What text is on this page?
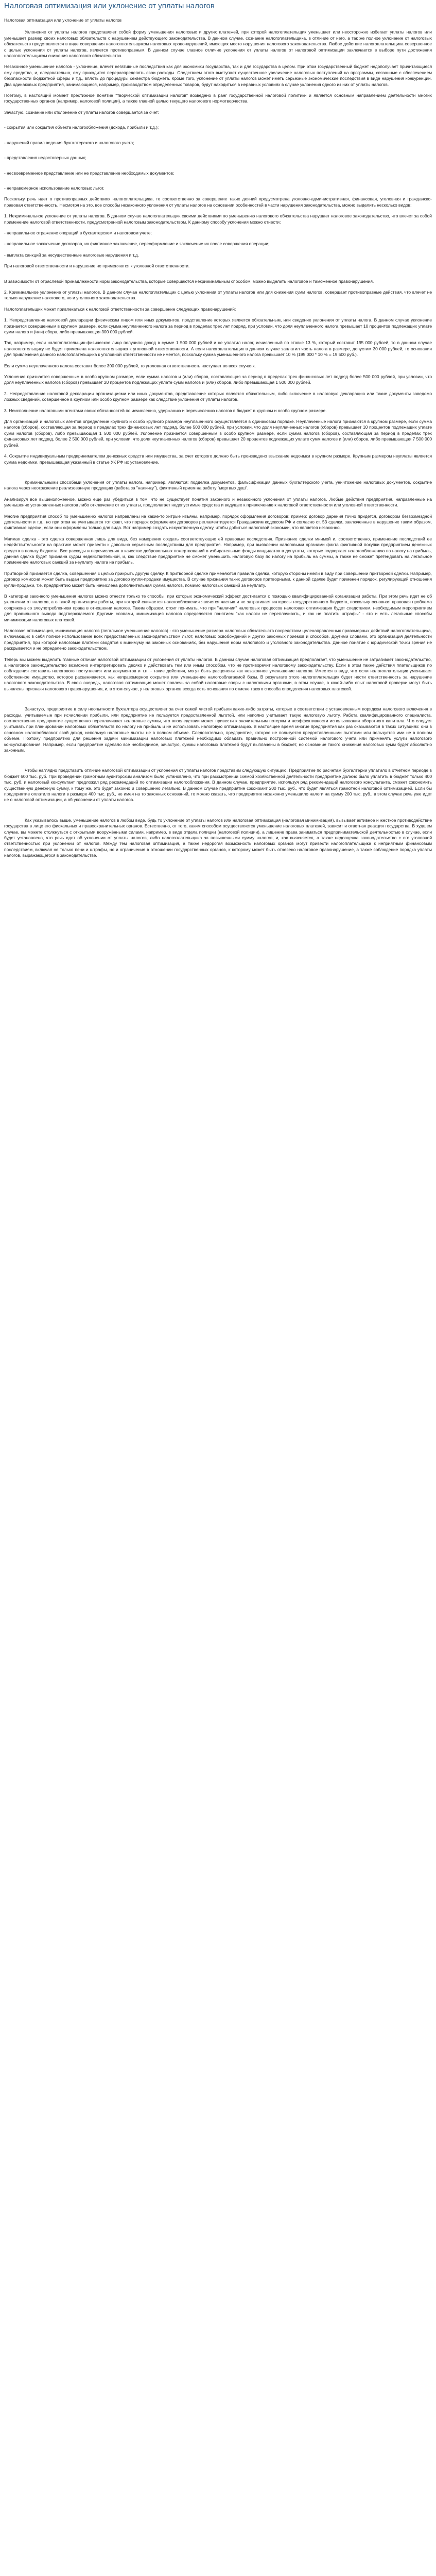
Налоговая оптимизация или уклонение от уплаты налогов

Налоговая оптимизация или уклонение от уплаты налогов

Уклонение от уплаты налогов представляет собой форму уменьшения налоговых и других платежей, при которой налогоплательщик уменьшает или неосторожно избегает уплаты налогов или уменьшает размер своих налоговых обязательств с нарушением действующего законодательства. В данном случае, сознание налогоплательщика, в отличие от него, а так же полное уклонение от налоговых обязательств представляется в виде совершения налогоплательщиком налоговых правонарушений, имеющих место нарушения налогового законодательства. Любое действие налогоплательщика совершенное с целью уклонения от уплаты налогов, является противоправным. В данном случае главное отличие уклонения от уплаты налогов от налоговой оптимизации заключается в выборе пути достижения налогоплательщиком снижения налогового обязательства.

Незаконное уменьшение налогов - уклонение, влечет негативные последствия как для экономики государства, так и для государства в целом. При этом государственный бюджет недополучает причитающиеся ему средства, и, следовательно, ему приходится перераспределять свои расходы. Следствием этого выступает существенное увеличение налоговых поступлений на программы, связанные с обеспечением безопасности бюджетной сферы и т.д., вплоть до процедуры секвестра бюджета. Кроме того, уклонение от уплаты налогов может иметь серьезные экономические последствия в виде нарушения конкуренции. Два одинаковых предприятия, занимающиеся, например, производством определенных товаров, будут находиться в неравных условиях в случае уклонения одного из них от уплаты налогов.

Поэтому, в настоящий момент престижное понятие "творческой оптимизации налогов" возведено в ранг государственной налоговой политики и является основным направлением деятельности многих государственных органов (например, налоговой полиции), а также главной целью текущего налогового нормотворчества.

Зачастую, сознание или отклонение от уплаты налогов совершается за счет:

- сокрытия или сокрытия объекта налогообложения (дохода, прибыли и т.д.);

- нарушений правил ведения бухгалтерского и налогового учета;

- представления недостоверных данных;

- несвоевременное представление или не представление необходимых документов;

- неправомерное использование налоговых льгот.

Поскольку речь идет о противоправных действиях налогоплательщика, то соответственно за совершение таких деяний предусмотрена уголовно-административная, финансовая, уголовная и гражданско-правовая ответственность. Несмотря на это, все способы незаконного уклонения от уплаты налогов на основании особенностей в части нарушения законодательства, можно выделить несколько видов:

1. Некриминальное уклонение от уплаты налогов. В данном случае налогоплательщик своими действиями по уменьшению налогового обязательства нарушает налоговое законодательство, что влечет за собой применение налоговой ответственности, предусмотренной налоговым законодательством. К данному способу уклонения можно отнести:

- неправильное отражение операций в бухгалтерском и налоговом учете;

- неправильное заключение договоров, их фиктивное заключение, переоформление и заключение их после совершения операции;

- выплата санкций за несущественные налоговые нарушения и т.д.

При налоговой ответственности и нарушение не применяются к уголовной ответственности.

В зависимости от отраслевой принадлежности норм законодательства, которые совершаются некриминальным способом, можно выделить налоговое и таможенное правонарушения.

2. Криминальное уклонение от уплаты налогов. В данном случае налогоплательщик с целью уклонения от уплаты налогов или для снижения сумм налогов, совершает противоправные действия, что влечет не только нарушение налогового, но и уголовного законодательства.

Налогоплательщик может привлекаться к налоговой ответственности за совершение следующих правонарушений:

1. Непредставление налоговой декларации физическим лицом или иных документов, представление которых является обязательным, или сведение уклонения от уплаты налога. В данном случае уклонение признается совершенным в крупном размере, если сумма неуплаченного налога за период в пределах трех лет подряд, при условии, что доля неуплаченного налога превышает 10 процентов подлежащих уплате сумм налога и (или) сбора, либо превышающая 300 000 рублей.

Так, например, если налогоплательщик-физическое лицо получило доход в сумме 1 500 000 рублей и не уплатил налог, исчисленный по ставке 13 %, который составит 195 000 рублей, то в данном случае налогоплательщику не будет применена налогоплательщика к уголовной ответственности. А если налогоплательщик в данном случае заплатил часть налога в размере, допустим 30 000 рублей, то основания для привлечения данного налогоплательщика к уголовной ответственности не имеется, поскольку сумма уменьшенного налога превышает 10 % (195 000 * 10 % = 19 500 руб.).

Если сумма неуплаченного налога составит более 300 000 рублей, то уголовная ответственность наступает во всех случаях.

Уклонение признается совершенным в особо крупном размере, если сумма налогов и (или) сборов, составляющая за период в пределах трех финансовых лет подряд более 500 000 рублей, при условии, что доля неуплаченных налогов (сборов) превышает 20 процентов подлежащих уплате сумм налогов и (или) сборов, либо превышающая 1 500 000 рублей.

2. Непредставление налоговой декларации организациями или иных документов, представление которых является обязательным, либо включение в налоговую декларацию или такие документы заведомо ложных сведений, совершенное в крупном или особо крупном размере как следствие уклонения от уплаты налогов.

3. Неисполнение налоговыми агентами своих обязанностей по исчислению, удержанию и перечислению налогов в бюджет в крупном и особо крупном размере.

Для организаций и налоговых агентов определение крупного и особо крупного размера неуплаченного осуществляется в одинаковом порядке. Неуплаченные налоги признаются в крупном размере, если сумма налогов (сборов), составляющая за период в пределах трех финансовых лет подряд, более 500 000 рублей, при условии, что доля неуплаченных налогов (сборов) превышает 10 процентов подлежащих уплате сумм налогов (сборов), либо превышающая 1 500 000 рублей. Уклонение признается совершенным в особо крупном размере, если сумма налогов (сборов), составляющая за период в пределах трех финансовых лет подряд, более 2 500 000 рублей, при условии, что доля неуплаченных налогов (сборов) превышает 20 процентов подлежащих уплате сумм налогов и (или) сборов, либо превышающая 7 500 000 рублей.

4. Сокрытие индивидуальным предпринимателем денежных средств или имущества, за счет которого должно быть произведено взыскание недоимки в крупном размере. Крупным размером неуплаты является сумма недоимки, превышающая указанный в статье УК РФ их установление.

Криминальными способами уклонения от уплаты налога, например, являются: подделка документов, фальсификация данных бухгалтерского учета, уничтожение налоговых документов, сокрытие налога через неотражение реализованную продукцию (работа за "наличку"), фиктивный прием на работу "мертвых душ".

Анализируя все вышеизложенное, можно еще раз убедиться в том, что не существует понятия законного и незаконного уклонения от уплаты налогов. Любые действия предприятия, направленные на уменьшение установленных налогов либо отключение от их уплаты, предполагает недопустимые средства и ведущее к привлечению к налоговой ответственности или уголовной ответственности.

Многие предприятия способ по уменьшению налогов направлены на какие-то хитрые изъяны, например, порядок оформления договоров: пример: договор дарения точно придется, договором безвозмездной деятельности и т.д., но при этом не учитывается тот факт, что порядок оформления договоров регламентируется Гражданским кодексом РФ и согласно ст. 53 сделки, заключенные в нарушение таким образом, фиктивные сделки, если они оформлены только для вида. Вот например создать искусственную сделку, чтобы добиться налоговой экономии, что является незаконно.

Мнимая сделка - это сделка совершенная лишь для вида, без намерения создать соответствующие ей правовые последствия. Признание сделки мнимой и, соответственно, применение последствий ее недействительности на практике может привести к довольно серьезным последствиям для предприятия. Например, при выявлении налоговыми органами факта фиктивной покупки предприятием денежных средств в пользу бюджета. Все расходы и перечисления в качестве добровольных пожертвований в избирательные фонды кандидатов в депутаты, которые подвергает налогообложению по налогу на прибыль, данная сделка будет признана судом недействительной, и, как следствие предприятие не сможет уменьшить налоговую базу по налогу на прибыль на суммы, а также не сможет претендовать на легальное применение налоговых санкций за неуплату налога на прибыль.

Притворной признается сделка, совершенная с целью прикрыть другую сделку. К притворной сделке применяются правила сделки, которую стороны имели в виду при совершении притворной сделки. Например, договор комиссии может быть выдан предприятию за договор купли-продажи имущества. В случае признания таких договоров притворными, к данной сделке будет применен порядок, регулирующий отношения купли-продажи, т.е. предприятию может быть начислена дополнительная сумма налогов, помимо налоговых санкций за неуплату.

В категории законного уменьшения налогов можно отнести только те способы, при которых экономический эффект достигается с помощью квалифицированной организации работы. При этом речь идет не об уклонении от налогов, а о такой организации работы, при которой снижается налогообложения является частью и не затрагивает интересы государственного бюджета, поскольку основная правовая проблема сопряжена со злоупотреблением права в отношении налогов. Таким образом, стоит понимать, что при "наличии" налоговых процессов налоговая оптимизация будет следствием, необходимым мероприятием для правильного вывода подтверждаемого Другими словами, минимизация налогов определяется понятием "как налоги не переплачивать, и как не платить штрафы" - это и есть легальные способы минимизации налоговых платежей.

Налоговая оптимизация, минимизация налогов (легальное уменьшение налогов) - это уменьшение размера налоговых обязательств посредством целенаправленных правомерных действий налогоплательщика, включающих в себя полное использование всех предоставленных законодательством льгот, налоговых освобождений и других законных приемов и способов. Другими словами, это организация деятельности предприятия, при которой налоговые платежи сводятся к минимуму на законных основаниях, без нарушения норм налогового и уголовного законодательства. Данное понятие с юридической точки зрения не раскрывается и не определено законодательством.

Теперь мы можем выделить главные отличия налоговой оптимизации от уклонения от уплаты налогов. В данном случае налоговая оптимизация предполагает, что уменьшение не затрагивает законодательство, а налоговое законодательство возможно интерпретировать двояко и действовать тем или иным способом, что не противоречит налоговому законодательству. Если в этом также действия плательщиков по соблюдения составить налогового поступления или документов и т.п. - такие действия, могут быть расценены как незаконное уменьшение налогов. Имеется в виду, что если налогоплательщик уменьшает собственное имущество, которое расценивается, как неправомерное сокрытие или уменьшение налогооблагаемой базы. В результате этого налогоплательщик будет нести ответственность за нарушение налогового законодательства. В свою очередь, налоговая оптимизация может повлечь за собой налоговые споры с налоговыми органами, в этом случае, в какой-либо опыт налоговой проверки могут быть выявлены признаки налогового правонарушения, и, в этом случае, у налоговых органов всегда есть основания по отмене такого способа определения налоговых платежей.

Зачастую, предприятие в силу неопытности бухгалтера осуществляет за счет самой чистой прибыли какие-либо затраты, которые в соответствии с установленным порядком налогового включения в расходы, учитываемые при исчислении прибыли, или предприятие не пользуется предоставленной льготой, или неполно учитывает такую налоговую льготу. Работа квалифицированного специалиста, соответственно предприятие существенно переплачивает налоговые суммы, что впоследствии может привести к значительным потерям и неэффективности использования оборотного капитала. Что следует учитывать при планировании налоговых обязательств по налогу на прибыль и не использовать налоговую оптимизацию. В настоящее время многие предприятия как раз оказываются в таких ситуациях: они в основном налогооблагают свой доход, используя налоговые льготы не в полном объеме. Следовательно, предприятие, которое не пользуется предоставленными льготами или пользуется ими не в полном объеме. Поэтому предприятию для решения задачи минимизации налоговых платежей необходимо обладать правильно построенной системой налогового учета или применять услуги налогового консультирования. Например, если предприятие сделало все необходимое, зачастую, суммы налоговых платежей будут выплачены в бюджет, но основание такого снижения налоговых сумм будет абсолютно законным.

Чтобы наглядно представить отличие налоговой оптимизации от уклонения от уплаты налогов представим следующую ситуацию. Предприятие по расчетам бухгалтерии уплатило в отчетном периоде в бюджет 600 тыс. руб. При проведении грамотным аудиторским анализом было установлено, что при рассмотрении схемой хозяйственной деятельности предприятие должно было уплатить в бюджет только 400 тыс. руб. и налоговый консультант предложил ряд рекомендаций по оптимизации налогообложения. В данном случае, предприятие, используя ряд рекомендаций налогового консультанта, сможет сэкономить существенную денежную сумму, к тому же, это будет законно и совершенно легально. В данном случае предприятие сэкономит 200 тыс. руб., что будет являться грамотной налоговой оптимизацией. Если бы предприятие оплатило налоги в размере 400 тыс. руб., не имея на то законных оснований, то можно сказать, что предприятие незаконно уменьшило налоги на сумму 200 тыс. руб., в этом случае речь уже идет не о налоговой оптимизации, а об уклонении от уплаты налогов.

Как указывалось выше, уменьшение налогов в любом виде, будь то уклонение от уплаты налогов или налоговая оптимизация (налоговая минимизация), вызывает активное и жесткое противодействие государства в лице его фискальных и правоохранительных органов. Естественно, от того, каким способом осуществляется уменьшение налоговых платежей, зависит и ответная реакция государства. В худшем случае, вы можете столкнуться с открытыми вооружёнными силами, например, в виде отдела полиции (налоговой полиции), а лишение права заниматься предпринимательской деятельностью в случае, если будет установлено, что речь идет об уклонении от уплаты налогов, либо налогоплательщика за повышенными сумму налогов, и, как выясняется, а также недооценка законодательство с его уголовной ответственностью при уклонении от налогов. Между тем налоговая оптимизация, а также недорогая возможность налоговых органов могут привести налогоплательщика к неприятным финансовым последствиям, включая не только пени и штрафы, но и ограничения в отношении государственных органов, к которому может быть отнесено налоговое правонарушение, а также соблюдение порядка уплаты налогов, выражающегося в законодательстве.
